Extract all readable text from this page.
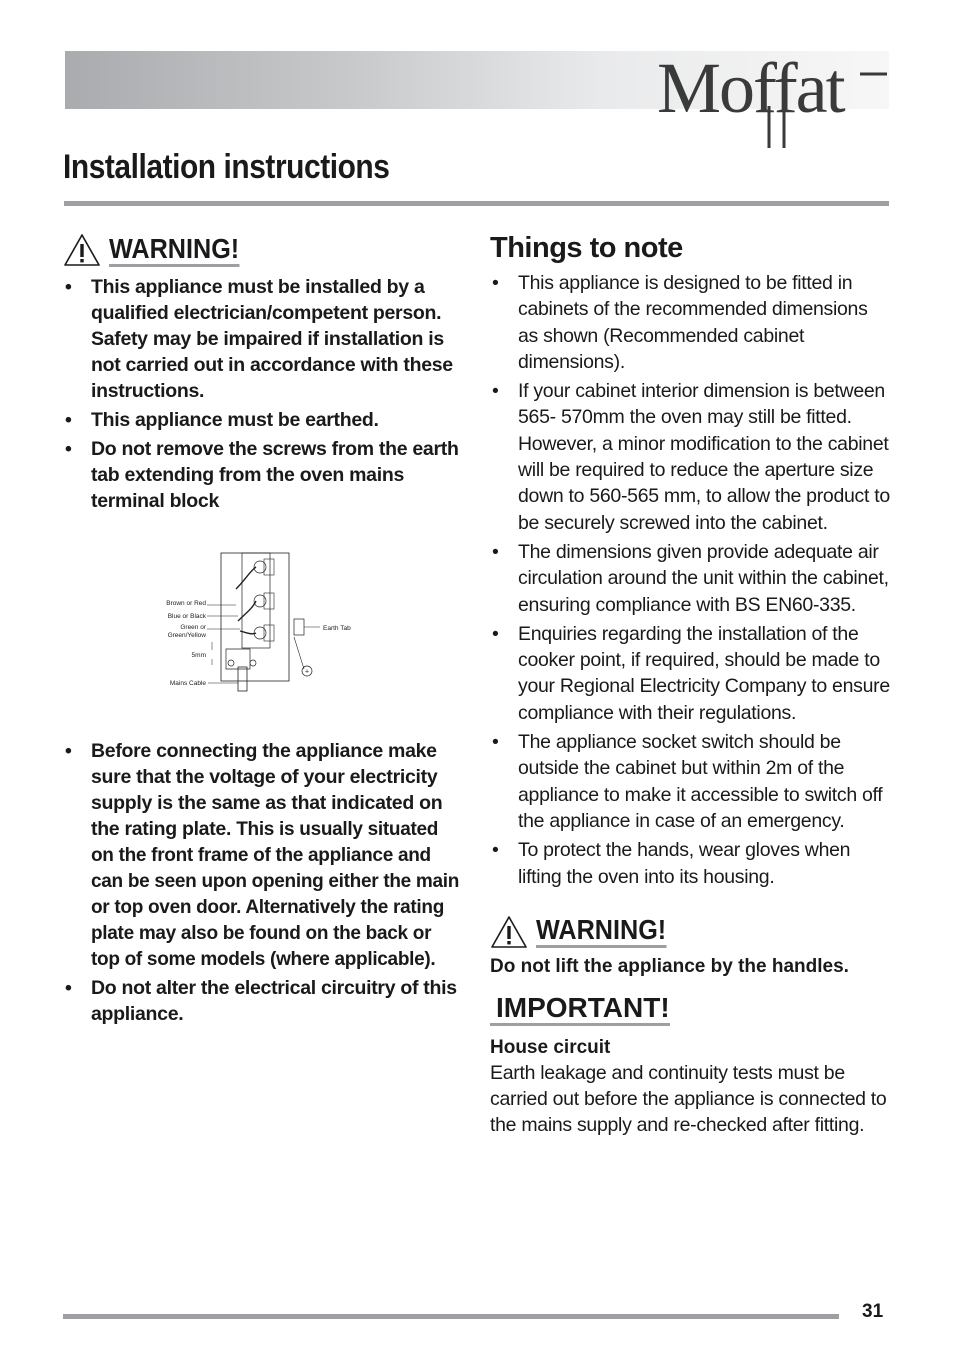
Moffat
Installation instructions
WARNING!
• This appliance must be installed by a qualified electrician/competent person. Safety may be impaired if installation is not carried out in accordance with these instructions.
• This appliance must be earthed.
• Do not remove the screws from the earth tab extending from the oven mains terminal block
+
Brown or Red
Blue or Black
Green or
Green/Yellow
5mm
Mains Cable
Earth Tab
• Before connecting the appliance make sure that the voltage of your electricity supply is the same as that indicated on the rating plate. This is usually situated on the front frame of the appliance and can be seen upon opening either the main or top oven door. Alternatively the rating plate may also be found on the back or top of some models (where applicable).
• Do not alter the electrical circuitry of this appliance.
Things to note
• This appliance is designed to be fitted in cabinets of the recommended dimensions as shown (Recommended cabinet dimensions).
• If your cabinet interior dimension is between 565- 570mm the oven may still be fitted. However, a minor modification to the cabinet will be required to reduce the aperture size down to 560-565 mm, to allow the product to be securely screwed into the cabinet.
• The dimensions given provide adequate air circulation around the unit within the cabinet, ensuring compliance with BS EN60-335.
• Enquiries regarding the installation of the cooker point, if required, should be made to your Regional Electricity Company to ensure compliance with their regulations.
• The appliance socket switch should be outside the cabinet but within 2m of the appliance to make it accessible to switch off the appliance in case of an emergency.
• To protect the hands, wear gloves when lifting the oven into its housing.
WARNING!
Do not lift the appliance by the handles.
IMPORTANT!
House circuit
Earth leakage and continuity tests must be carried out before the appliance is connected to the mains supply and re-checked after fitting.
31
